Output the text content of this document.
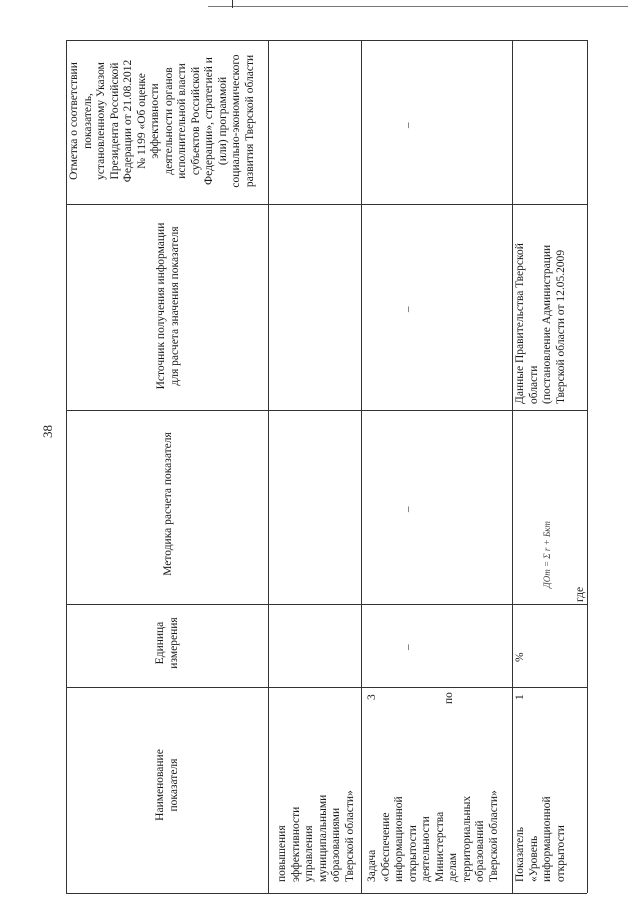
38
Отметка о соответствии показатель, установленному Указом Президента Российской Федерации от 21.08.2012 № 1199 «Об оценке эффективности деятельности органов исполнительной власти субъектов Российской Федерации», стратегией и (или) программой социально-экономического развития Тверской области
Источник получения информации для расчета значения показателя
Методика расчета показателя
Единица измерения
Наименование показателя
повышения эффективности управления муниципальными образованиями Тверской области»
3
Задача «Обеспечение информационной открытости деятельности Министерства делам территориальных образований Тверской области»
по
–
–
–
–
1
Показатель «Уровень информационной открытости
%
ДОт = Σ r + Бкт
где
Данные Правительства Тверской области (постановление Администрации Тверской области от 12.05.2009
